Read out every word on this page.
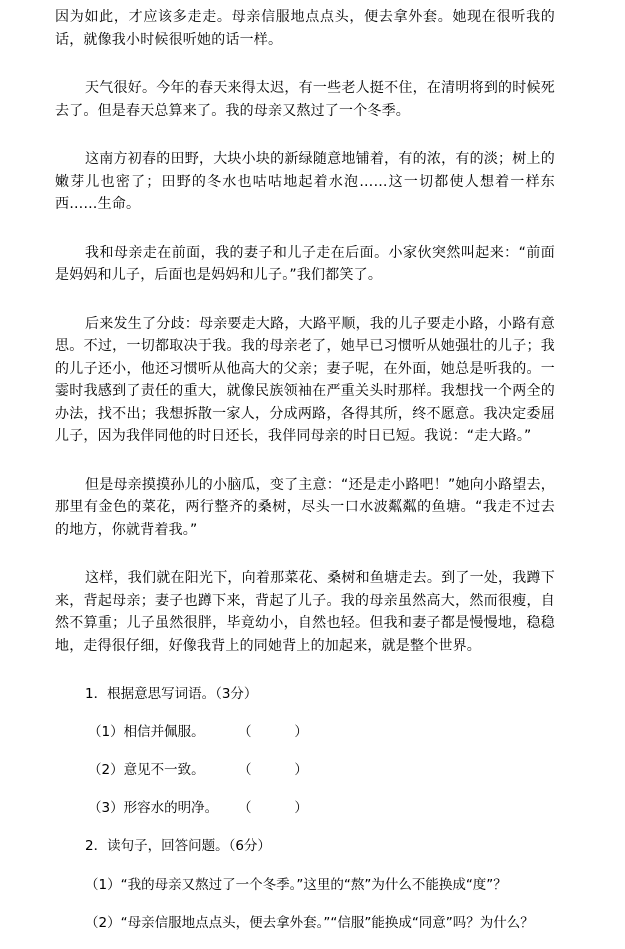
因为如此，才应该多走走。母亲信服地点点头，便去拿外套。她现在很听我的话，就像我小时候很听她的话一样。

天气很好。今年的春天来得太迟，有一些老人挺不住，在清明将到的时候死去了。但是春天总算来了。我的母亲又熬过了一个冬季。

这南方初春的田野，大块小块的新绿随意地铺着，有的浓，有的淡；树上的嫩芽儿也密了；田野的冬水也咕咕地起着水泡……这一切都使人想着一样东西……生命。

我和母亲走在前面，我的妻子和儿子走在后面。小家伙突然叫起来：“前面是妈妈和儿子，后面也是妈妈和儿子。”我们都笑了。

后来发生了分歧：母亲要走大路，大路平顺，我的儿子要走小路，小路有意思。不过，一切都取决于我。我的母亲老了，她早已习惯听从她强壮的儿子；我的儿子还小，他还习惯听从他高大的父亲；妻子呢，在外面，她总是听我的。一霎时我感到了责任的重大，就像民族领袖在严重关头时那样。我想找一个两全的办法，找不出；我想拆散一家人，分成两路，各得其所，终不愿意。我决定委屈儿子，因为我伴同他的时日还长，我伴同母亲的时日已短。我说：“走大路。”

但是母亲摸摸孙儿的小脑瓜，变了主意：“还是走小路吧！”她向小路望去，那里有金色的菜花，两行整齐的桑树，尽头一口水波粼粼的鱼塘。“我走不过去的地方，你就背着我。”

这样，我们就在阳光下，向着那菜花、桑树和鱼塘走去。到了一处，我蹲下来，背起母亲；妻子也蹲下来，背起了儿子。我的母亲虽然高大，然而很瘦，自然不算重；儿子虽然很胖，毕竟幼小，自然也轻。但我和妻子都是慢慢地，稳稳地，走得很仔细，好像我背上的同她背上的加起来，就是整个世界。

1．根据意思写词语。（3分）
（1）相信并佩服。	（          ）
（2）意见不一致。	（          ）
（3）形容水的明净。	（          ）
2．读句子，回答问题。（6分）

（1）“我的母亲又熬过了一个冬季。”这里的“熬”为什么不能换成“度”？

（2）“母亲信服地点点头，便去拿外套。”“信服”能换成“同意”吗？为什么？
